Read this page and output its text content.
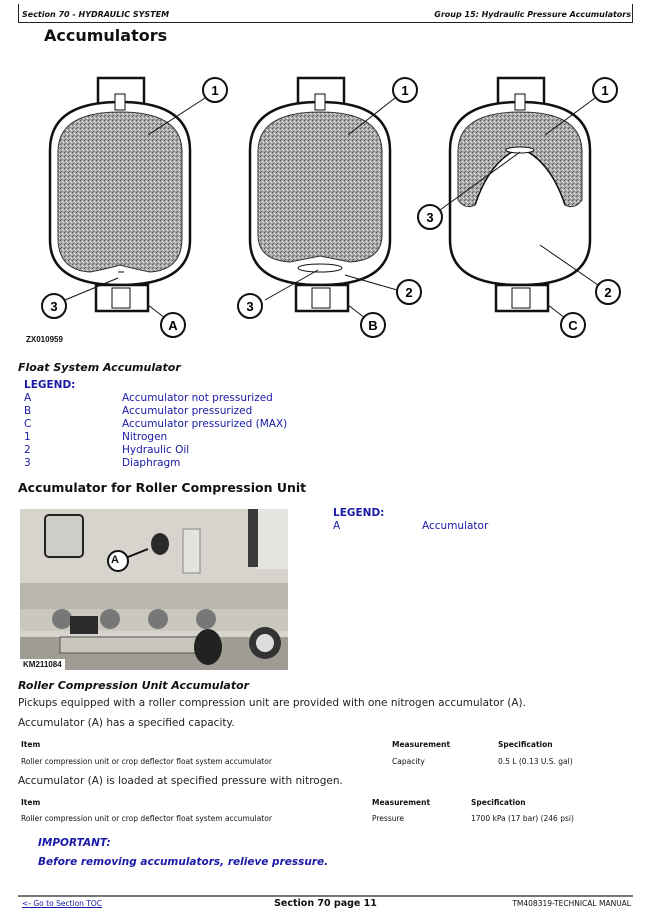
Section 70 - HYDRAULIC SYSTEM	Group 15: Hydraulic Pressure Accumulators
Accumulators
1
3
A
1
3
2
B
1
3
2
C
ZX010959
Float System Accumulator
LEGEND:
A	Accumulator not pressurized
B	Accumulator pressurized
C	Accumulator pressurized (MAX)
1	Nitrogen
2	Hydraulic Oil
3	Diaphragm
Accumulator for Roller Compression Unit
A
KM211084
LEGEND:
A	Accumulator
Roller Compression Unit Accumulator
Pickups equipped with a roller compression unit are provided with one nitrogen accumulator (A).
Accumulator (A) has a specified capacity.
Item	Measurement	Specification
Roller compression unit or crop deflector float system accumulator	Capacity	0.5 L (0.13 U.S. gal)
Accumulator (A) is loaded at specified pressure with nitrogen.
Item	Measurement	Specification
Roller compression unit or crop deflector float system accumulator	Pressure	1700 kPa (17 bar) (246 psi)
IMPORTANT:
Before removing accumulators, relieve pressure.
<- Go to Section TOC	Section 70 page 11	TM408319-TECHNICAL MANUAL
